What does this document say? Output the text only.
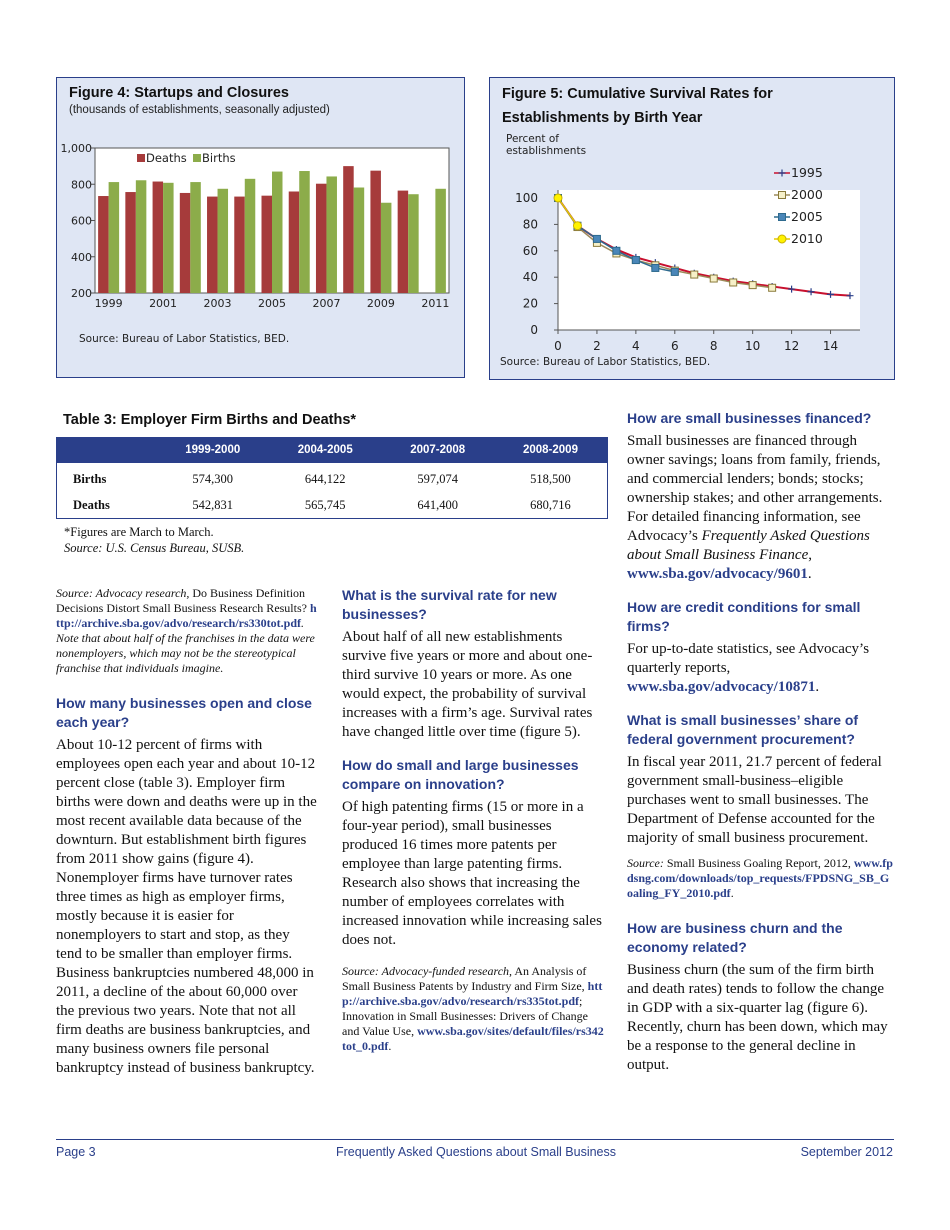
Figure 4: Startups and Closures
(thousands of establishments, seasonally adjusted)
200
400
600
800
1,000
1999 2001 2003 2005 2007 2009 2011
Deaths Births
Source: Bureau of Labor Statistics, BED.
Figure 5: Cumulative Survival Rates for
Establishments by Birth Year
Percent of
establishments
0
20
40
60
80
100
0	2	4	6	8 10 12 14
1995
2000
2005
2010
Source: Bureau of Labor Statistics, BED.
Table 3: Employer Firm Births and Deaths*
	1999-2000	2004-2005	2007-2008	2008-2009
Births	574,300	644,122	597,074	518,500
Deaths	542,831	565,745	641,400	680,716
*Figures are March to March.
Source: U.S. Census Bureau, SUSB.

Source: Advocacy research, Do Business Definition Decisions Distort Small Business Research Results? http://archive.sba.gov/advo/research/rs330tot.pdf. Note that about half of the franchises in the data were nonemployers, which may not be the stereotypical franchise that individuals imagine.

How many businesses open and close each year?

About 10-12 percent of firms with employees open each year and about 10-12 percent close (table 3). Employer firm births were down and deaths were up in the most recent available data because of the downturn. But establishment birth figures from 2011 show gains (figure 4). Nonemployer firms have turnover rates three times as high as employer firms, mostly because it is easier for nonemployers to start and stop, as they tend to be smaller than employer firms. Business bankruptcies numbered 48,000 in 2011, a decline of the about 60,000 over the previous two years. Note that not all firm deaths are business bankruptcies, and many business owners file personal bankruptcy instead of business bankruptcy.

What is the survival rate for new businesses?

About half of all new establishments survive five years or more and about one-third survive 10 years or more. As one would expect, the probability of survival increases with a firm’s age. Survival rates have changed little over time (figure 5).

How do small and large businesses compare on innovation?

Of high patenting firms (15 or more in a four-year period), small businesses produced 16 times more patents per employee than large patenting firms. Research also shows that increasing the number of employees correlates with increased innovation while increasing sales does not.

Source: Advocacy-funded research, An Analysis of Small Business Patents by Industry and Firm Size, http://archive.sba.gov/advo/research/rs335tot.pdf; Innovation in Small Businesses: Drivers of Change and Value Use, www.sba.gov/sites/default/files/rs342tot_0.pdf.

How are small businesses financed?

Small businesses are financed through owner savings; loans from family, friends, and commercial lenders; bonds; stocks; ownership stakes; and other arrangements. For detailed financing information, see Advocacy’s Frequently Asked Questions about Small Business Finance, www.sba.gov/advocacy/9601.

How are credit conditions for small firms?

For up-to-date statistics, see Advocacy’s quarterly reports, www.sba.gov/advocacy/10871.

What is small businesses’ share of federal government procurement?

In fiscal year 2011, 21.7 percent of federal government small-business–eligible purchases went to small businesses. The Department of Defense accounted for the majority of small business procurement.

Source: Small Business Goaling Report, 2012, www.fpdsng.com/downloads/top_requests/FPDSNG_SB_Goaling_FY_2010.pdf.

How are business churn and the economy related?

Business churn (the sum of the firm birth and death rates) tends to follow the change in GDP with a six-quarter lag (figure 6). Recently, churn has been down, which may be a response to the general decline in output.

Page 3	Frequently Asked Questions about Small Business	September 2012
